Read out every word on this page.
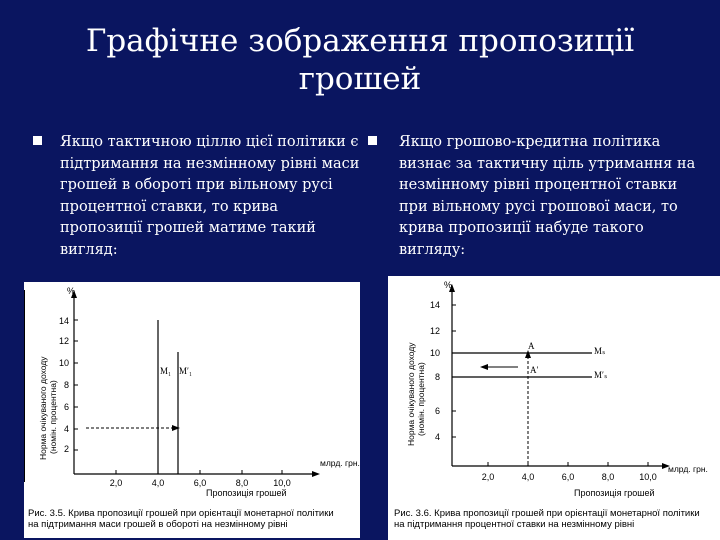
Графічне зображення пропозиції грошей
Якщо тактичною ціллю цієї політики є підтримання на незмінному рівні маси грошей в обороті при вільному русі процентної ставки, то крива пропозиції грошей матиме такий вигляд:
Якщо грошово-кредитна політика визнає за тактичну ціль утримання на незмінному рівні процентної ставки при вільному русі грошової маси, то крива пропозиції набуде такого вигляду:
%
14
12
10
8
6
4
2
Норма очікуваного доходу (номін. процентна)
M₁ M′₁
2,0	4,0	6,0	8,0	10,0
млрд. грн.
Пропозиція грошей
Рис. 3.5. Крива пропозиції грошей при орієнтації монетарної політики
на підтримання маси грошей в обороті на незмінному рівні
%
14
12
10
8
6
4
Норма очікуваного доходу (номін. процентна)
A
A′
Mₛ
M′ₛ
2,0	4,0	6,0	8,0	10,0
млрд. грн.
Пропозиція грошей
Рис. 3.6. Крива пропозиції грошей при орієнтації монетарної політики
на підтримання процентної ставки на незмінному рівні
